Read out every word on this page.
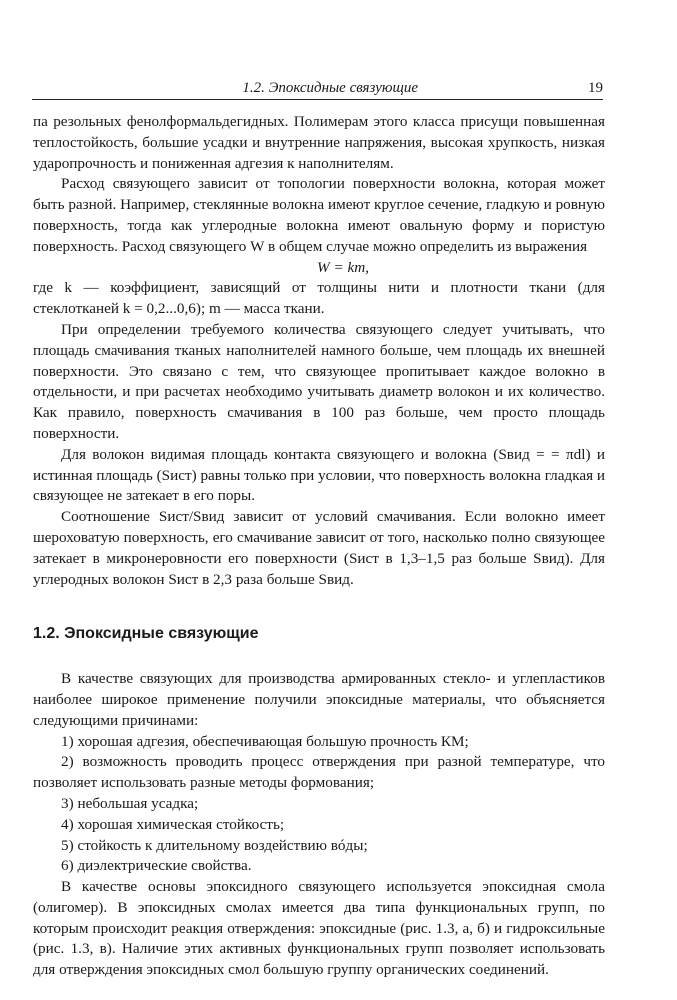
1.2. Эпоксидные связующие	19

па резольных фенолформальдегидных. Полимерам этого класса присущи повышенная теплостойкость, большие усадки и внутренние напряжения, высокая хрупкость, низкая ударопрочность и пониженная адгезия к наполнителям.

Расход связующего зависит от топологии поверхности волокна, которая может быть разной. Например, стеклянные волокна имеют круглое сечение, гладкую и ровную поверхность, тогда как углеродные волокна имеют овальную форму и пористую поверхность. Расход связующего W в общем случае можно определить из выражения

W = km,

где k — коэффициент, зависящий от толщины нити и плотности ткани (для стеклотканей k = 0,2...0,6); m — масса ткани.

При определении требуемого количества связующего следует учитывать, что площадь смачивания тканых наполнителей намного больше, чем площадь их внешней поверхности. Это связано с тем, что связующее пропитывает каждое волокно в отдельности, и при расчетах необходимо учитывать диаметр волокон и их количество. Как правило, поверхность смачивания в 100 раз больше, чем просто площадь поверхности.

Для волокон видимая площадь контакта связующего и волокна (Sвид = = πdl) и истинная площадь (Sист) равны только при условии, что поверхность волокна гладкая и связующее не затекает в его поры.

Соотношение Sист/Sвид зависит от условий смачивания. Если волокно имеет шероховатую поверхность, его смачивание зависит от того, насколько полно связующее затекает в микронеровности его поверхности (Sист в 1,3–1,5 раз больше Sвид). Для углеродных волокон Sист в 2,3 раза больше Sвид.

1.2. Эпоксидные связующие

В качестве связующих для производства армированных стекло- и углепластиков наиболее широкое применение получили эпоксидные материалы, что объясняется следующими причинами:

1) хорошая адгезия, обеспечивающая большую прочность КМ;
2) возможность проводить процесс отверждения при разной температуре, что позволяет использовать разные методы формования;
3) небольшая усадка;
4) хорошая химическая стойкость;
5) стойкость к длительному воздействию вóды;
6) диэлектрические свойства.

В качестве основы эпоксидного связующего используется эпоксидная смола (олигомер). В эпоксидных смолах имеется два типа функциональных групп, по которым происходит реакция отверждения: эпоксидные (рис. 1.3, а, б) и гидроксильные (рис. 1.3, в). Наличие этих активных функциональных групп позволяет использовать для отверждения эпоксидных смол большую группу органических соединений.
